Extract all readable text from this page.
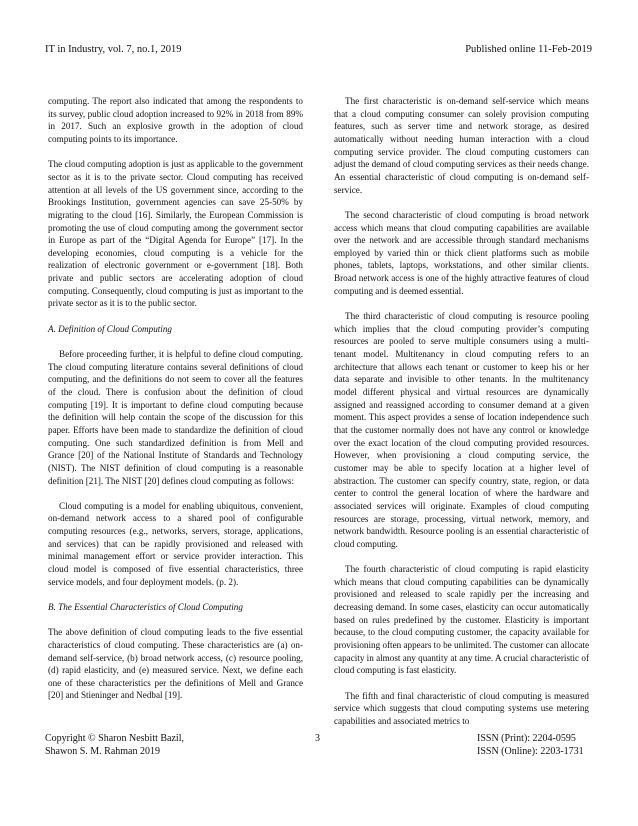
IT in Industry, vol. 7, no.1, 2019	Published online 11-Feb-2019

computing. The report also indicated that among the respondents to its survey, public cloud adoption increased to 92% in 2018 from 89% in 2017. Such an explosive growth in the adoption of cloud computing points to its importance.

The cloud computing adoption is just as applicable to the government sector as it is to the private sector. Cloud computing has received attention at all levels of the US government since, according to the Brookings Institution, government agencies can save 25-50% by migrating to the cloud [16]. Similarly, the European Commission is promoting the use of cloud computing among the government sector in Europe as part of the “Digital Agenda for Europe” [17]. In the developing economies, cloud computing is a vehicle for the realization of electronic government or e-government [18]. Both private and public sectors are accelerating adoption of cloud computing. Consequently, cloud computing is just as important to the private sector as it is to the public sector.

A. Definition of Cloud Computing

Before proceeding further, it is helpful to define cloud computing. The cloud computing literature contains several definitions of cloud computing, and the definitions do not seem to cover all the features of the cloud. There is confusion about the definition of cloud computing [19]. It is important to define cloud computing because the definition will help contain the scope of the discussion for this paper. Efforts have been made to standardize the definition of cloud computing. One such standardized definition is from Mell and Grance [20] of the National Institute of Standards and Technology (NIST). The NIST definition of cloud computing is a reasonable definition [21]. The NIST [20] defines cloud computing as follows:

Cloud computing is a model for enabling ubiquitous, convenient, on-demand network access to a shared pool of configurable computing resources (e.g., networks, servers, storage, applications, and services) that can be rapidly provisioned and released with minimal management effort or service provider interaction. This cloud model is composed of five essential characteristics, three service models, and four deployment models. (p. 2).

B. The Essential Characteristics of Cloud Computing

The above definition of cloud computing leads to the five essential characteristics of cloud computing. These characteristics are (a) on-demand self-service, (b) broad network access, (c) resource pooling, (d) rapid elasticity, and (e) measured service. Next, we define each one of these characteristics per the definitions of Mell and Grance [20] and Stieninger and Nedbal [19].

The first characteristic is on-demand self-service which means that a cloud computing consumer can solely provision computing features, such as server time and network storage, as desired automatically without needing human interaction with a cloud computing service provider. The cloud computing customers can adjust the demand of cloud computing services as their needs change. An essential characteristic of cloud computing is on-demand self-service.

The second characteristic of cloud computing is broad network access which means that cloud computing capabilities are available over the network and are accessible through standard mechanisms employed by varied thin or thick client platforms such as mobile phones, tablets, laptops, workstations, and other similar clients. Broad network access is one of the highly attractive features of cloud computing and is deemed essential.

The third characteristic of cloud computing is resource pooling which implies that the cloud computing provider’s computing resources are pooled to serve multiple consumers using a multi-tenant model. Multitenancy in cloud computing refers to an architecture that allows each tenant or customer to keep his or her data separate and invisible to other tenants. In the multitenancy model different physical and virtual resources are dynamically assigned and reassigned according to consumer demand at a given moment. This aspect provides a sense of location independence such that the customer normally does not have any control or knowledge over the exact location of the cloud computing provided resources. However, when provisioning a cloud computing service, the customer may be able to specify location at a higher level of abstraction. The customer can specify country, state, region, or data center to control the general location of where the hardware and associated services will originate. Examples of cloud computing resources are storage, processing, virtual network, memory, and network bandwidth. Resource pooling is an essential characteristic of cloud computing.

The fourth characteristic of cloud computing is rapid elasticity which means that cloud computing capabilities can be dynamically provisioned and released to scale rapidly per the increasing and decreasing demand. In some cases, elasticity can occur automatically based on rules predefined by the customer. Elasticity is important because, to the cloud computing customer, the capacity available for provisioning often appears to be unlimited. The customer can allocate capacity in almost any quantity at any time. A crucial characteristic of cloud computing is fast elasticity.

The fifth and final characteristic of cloud computing is measured service which suggests that cloud computing systems use metering capabilities and associated metrics to

Copyright © Sharon Nesbitt Bazil,
Shawon S. M. Rahman 2019
3	ISSN (Print): 2204-0595
ISSN (Online): 2203-1731
